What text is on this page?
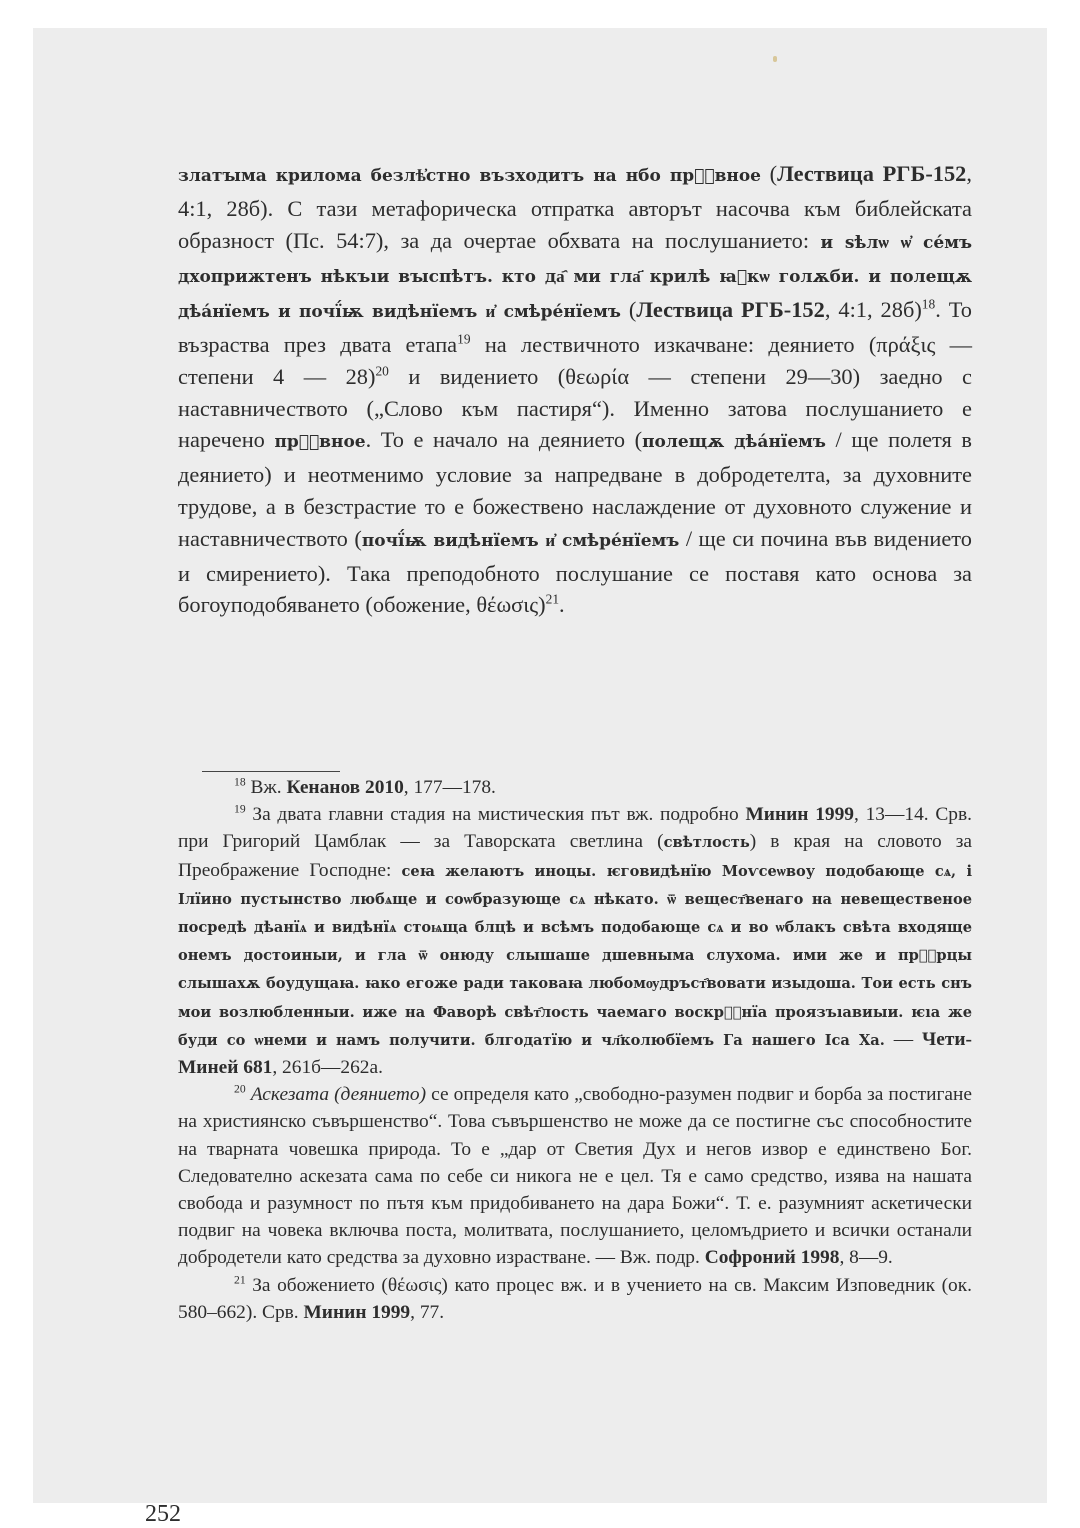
златꙑма крилома безлѣ҆стно възходитъ на нбо прⷭ҇вное (Лествица РГБ-152, 4:1, 28б). С тази метафорическа отпратка авторът насочва към библейската образност (Пс. 54:7), за да очертае обхвата на послушанието: и ѕѣлѡ ѡ҆ се́мъ дхоприжтенъ нѣкъıи вꙑспѣтъ. кто да҄ ми гла҃ крилѣ ꙗ҆кѡ голѫби. и полещѫ дѣа́нїемъ и почї́ѭ видѣнїемъ и҆ смѣре́нїемъ (Лествица РГБ-152, 4:1, 28б)$^{18}$. То възраства през двата етапа$^{19}$ на лествичното изкачване: деянието (πράξις — степени 4 — 28)$^{20}$ и видението (θεωρία — степени 29—30) заедно с наставничеството („Слово към пастиря“). Именно затова послушанието е наречено прⷭ҇вное. То е начало на деянието (полещѫ дѣа́нїемъ / ще полетя в деянието) и неотменимо условие за напредване в добродетелта, за духовните трудове, а в безстрастие то е божествено наслаждение от духовното служение и наставничеството (почї́ѭ видѣнїемъ и҆ смѣре́нїемъ / ще си почина във видението и смирението). Така преподобното послушание се поставя като основа за богоуподобяването (обожение, θέωσις)$^{21}$.

$^{18}$ Вж. Кенанов 2010, 177—178.

$^{19}$ За двата главни стадия на мистическия път вж. подробно Минин 1999, 13—14. Срв. при Григорий Цамблак — за Таворската светлина (свѣтлость) в края на словото за Преображение Господне: сеꙗ желаютъ иноцы. ѥговидѣнїю Моѵсеѡвоу подобающе сѧ, і Ілїино пустынство любѧще и соѡбразующе сѧ нѣкато. ѿ вещест҄венаго на невещественое посредѣ дѣанїѧ и видѣнїѧ стоѩща блцѣ и всѣмъ подобающе сѧ и во ѡблакъ свѣта входяще онемъ достоиныи, и гла ѿ онюду слышаше дшевныма слухома. ими же и прⷪ҇рцы слышахѫ боудущаꙗ. ꙗко егоже ради таковаꙗ любомѹдръст҄вовати изыдоша. Тои есть снъ мои возлюбленныи. иже на Фаворѣ свѣт҄лость чаемаго воскрⷭ҇нїа проязъıавиыи. ѥıа же буди со ѡнеми и намъ получити. блгодатїю и чл҃колюбїемъ Га нашего Іса Ха. — Чети-Миней 681, 261б—262а.

$^{20}$ Аскезата (деянието) се определя като „свободно-разумен подвиг и борба за постигане на християнско съвършенство“. Това съвършенство не може да се постигне със способностите на тварната човешка природа. То е „дар от Светия Дух и негов извор е единствено Бог. Следователно аскезата сама по себе си никога не е цел. Тя е само средство, изява на нашата свобода и разумност по пътя към придобиването на дара Божи“. Т. е. разумният аскетически подвиг на човека включва поста, молитвата, послушанието, целомъдрието и всички останали добродетели като средства за духовно израстване. — Вж. подр. Софроний 1998, 8—9.

$^{21}$ За обожението (θέωσις) като процес вж. и в учението на св. Максим Изповедник (ок. 580–662). Срв. Минин 1999, 77.

252
